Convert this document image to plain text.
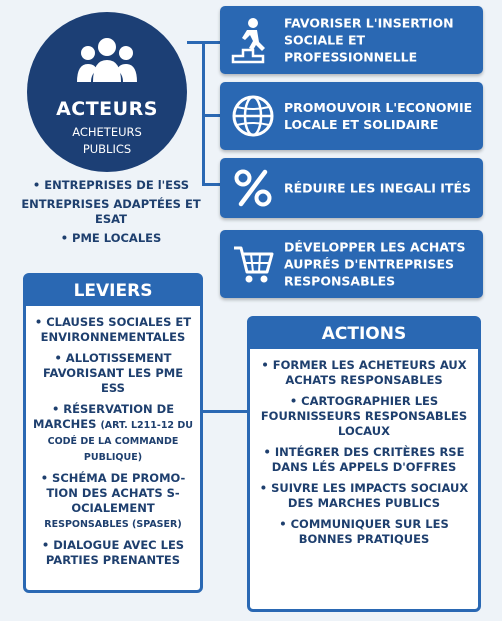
ACTEURS
ACHETEURS PUBLICS
• ENTREPRISES DE l'ESS
ENTREPRISES ADAPTÉES ET ESAT
• PME LOCALES
FAVORISER L'INSERTION SOCIALE ET PROFESSIONNELLE
PROMOUVOIR L'ECONOMIE LOCALE ET SOLIDAIRE
RÉDUIRE LES INEGALI ITÉS
DÉVELOPPER LES ACHATS AUPRÉS D'ENTREPRISES RESPONSABLES
LEVIERS
• CLAUSES SOCIALES ET ENVIRONNEMENTALES
• ALLOTISSEMENT FAVORISANT LES PME ESS
• RÉSERVATION DE MARCHES (ART. L211-12 DU CODÉ DE LA COMMANDE PUBLIQUE)
• SCHÉMA DE PROMO- TION DES ACHATS S- OCIALEMENT RESPONSABLES (SPASER)
• DIALOGUE AVEC LES PARTIES PRENANTES
ACTIONS
• FORMER LES ACHETEURS AUX ACHATS RESPONSABLES
• CARTOGRAPHIER LES FOURNISSEURS RESPONSABLES LOCAUX
• INTÉGRER DES CRITÈRES RSE DANS LÉS APPELS D'OFFRES
• SUIVRE LES IMPACTS SOCIAUX DES MARCHES PUBLICS
• COMMUNIQUER SUR LES BONNES PRATIQUES
